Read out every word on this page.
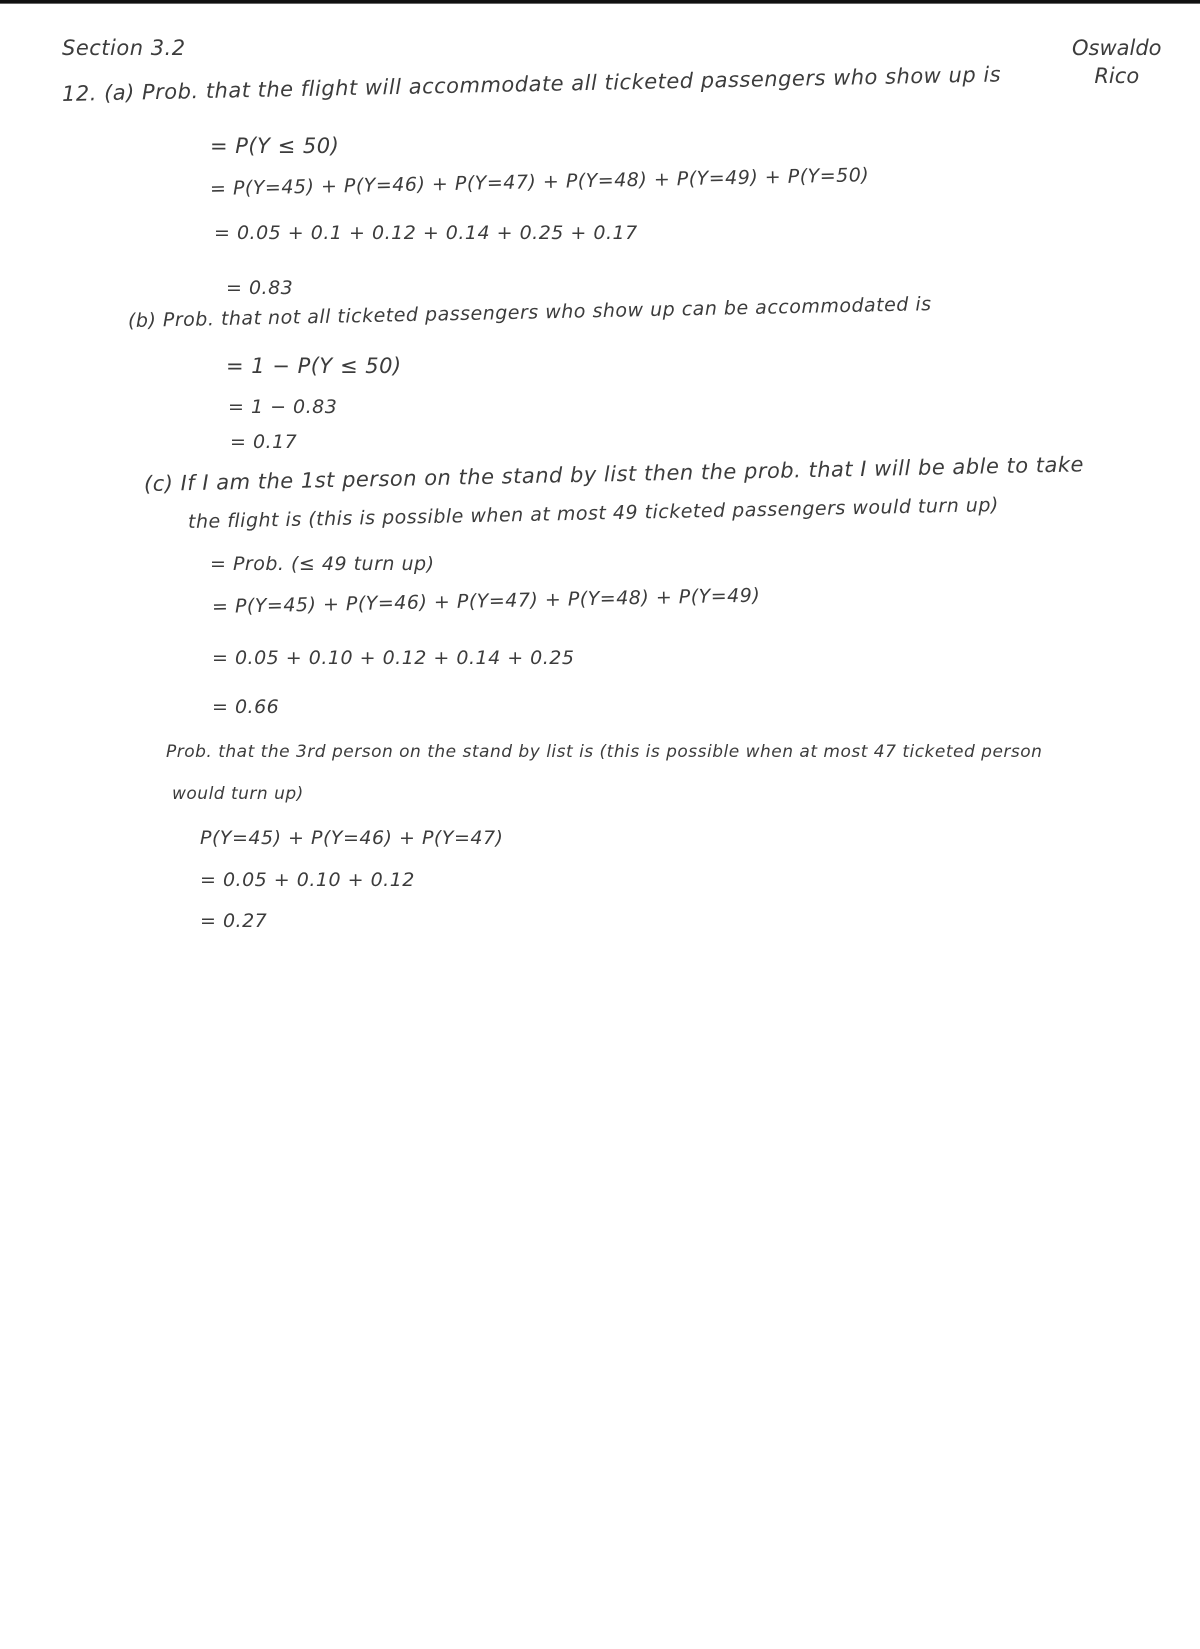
Section 3.2	Oswaldo
Rico
12. (a) Prob. that the flight will accommodate all ticketed passengers who show up is
= P(Y ≤ 50)
= P(Y=45) + P(Y=46) + P(Y=47) + P(Y=48) + P(Y=49) + P(Y=50)
= 0.05 + 0.1 + 0.12 + 0.14 + 0.25 + 0.17
= 0.83
(b) Prob. that not all ticketed passengers who show up can be accommodated is
= 1 − P(Y ≤ 50)
= 1 − 0.83
= 0.17
(c) If I am the 1st person on the stand by list then the prob. that I will be able to take
the flight is (this is possible when at most 49 ticketed passengers would turn up)
= Prob. (≤ 49 turn up)
= P(Y=45) + P(Y=46) + P(Y=47) + P(Y=48) + P(Y=49)
= 0.05 + 0.10 + 0.12 + 0.14 + 0.25
= 0.66
Prob. that the 3rd person on the stand by list is (this is possible when at most 47 ticketed person
would turn up)
P(Y=45) + P(Y=46) + P(Y=47)
= 0.05 + 0.10 + 0.12
= 0.27
